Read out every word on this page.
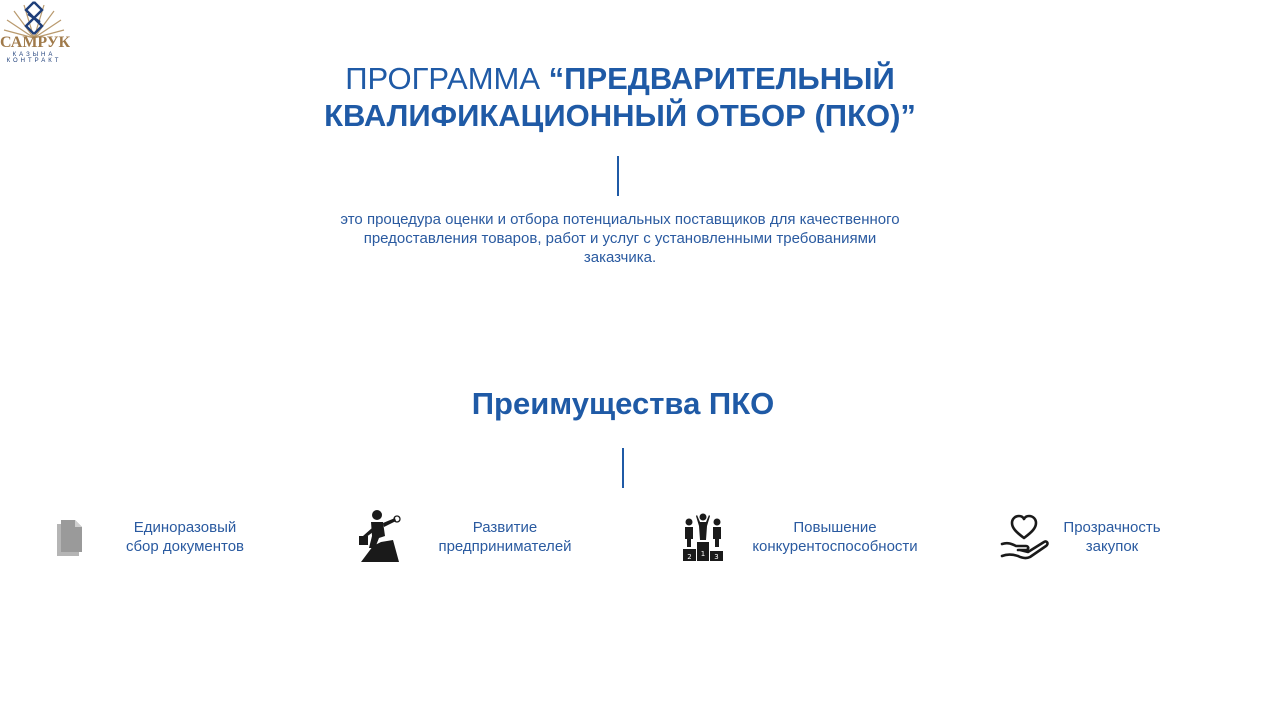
САМРУК
КАЗЫНА КОНТРАКТ	ПРОГРАММА “ПРЕДВАРИТЕЛЬНЫЙ КВАЛИФИКАЦИОННЫЙ ОТБОР (ПКО)”
это процедура оценки и отбора потенциальных поставщиков для качественного предоставления товаров, работ и услуг с установленными требованиями заказчика.
Преимущества ПКО
Единоразовый
сбор документов
Развитие
предпринимателей	1
2	3
Повышение
конкурентоспособности
Прозрачность
закупок
